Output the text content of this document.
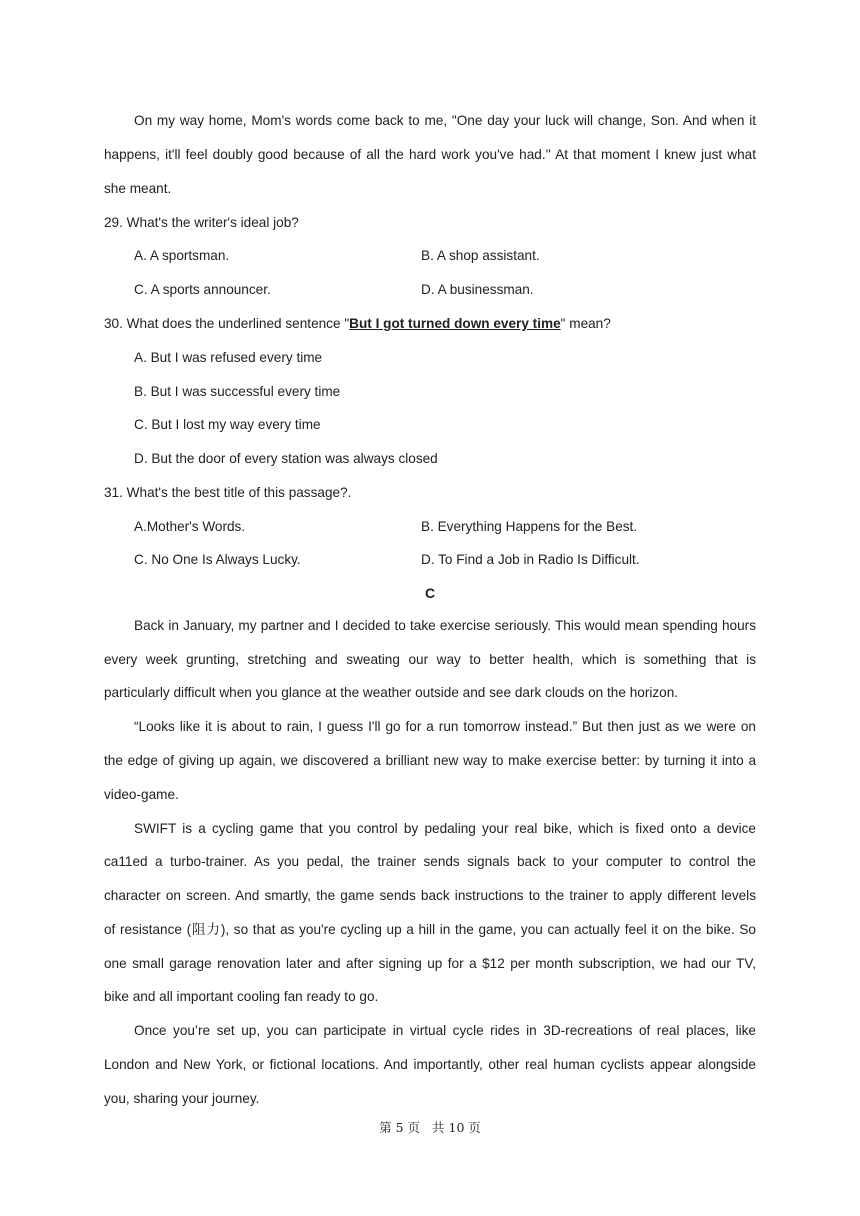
On my way home, Mom's words come back to me, "One day your luck will change, Son. And when it
happens, it'll feel doubly good because of all the hard work you've had.'' At that moment I knew just what
she meant.
29. What's the writer's ideal job?
A. A sportsman.	B. A shop assistant.
C. A sports announcer.	D. A businessman.
30. What does the underlined sentence "But I got turned down every time" mean?
A. But I was refused every time
B. But I was successful every time
C. But I lost my way every time
D. But the door of every station was always closed
31. What's the best title of this passage?.
A.Mother's Words.	B. Everything Happens for the Best.
C. No One Is Always Lucky.	D. To Find a Job in Radio Is Difficult.
C
Back in January, my partner and I decided to take exercise seriously. This would mean spending hours
every week grunting, stretching and sweating our way to better health, which is something that is
particularly difficult when you glance at the weather outside and see dark clouds on the horizon.
“Looks like it is about to rain, I guess I'll go for a run tomorrow instead.” But then just as we were on
the edge of giving up again, we discovered a brilliant new way to make exercise better: by turning it into a
video-game.
SWIFT is a cycling game that you control by pedaling your real bike, which is fixed onto a device
ca11ed a turbo-trainer. As you pedal, the trainer sends signals back to your computer to control the
character on screen. And smartly, the game sends back instructions to the trainer to apply different levels
of resistance (阻力), so that as you're cycling up a hill in the game, you can actually feel it on the bike. So
one small garage renovation later and after signing up for a $12 per month subscription, we had our TV,
bike and all important cooling fan ready to go.
Once you’re set up, you can participate in virtual cycle rides in 3D-recreations of real places, like
London and New York, or fictional locations. And importantly, other real human cyclists appear alongside
you, sharing your journey.
第 5 页 共 10 页
